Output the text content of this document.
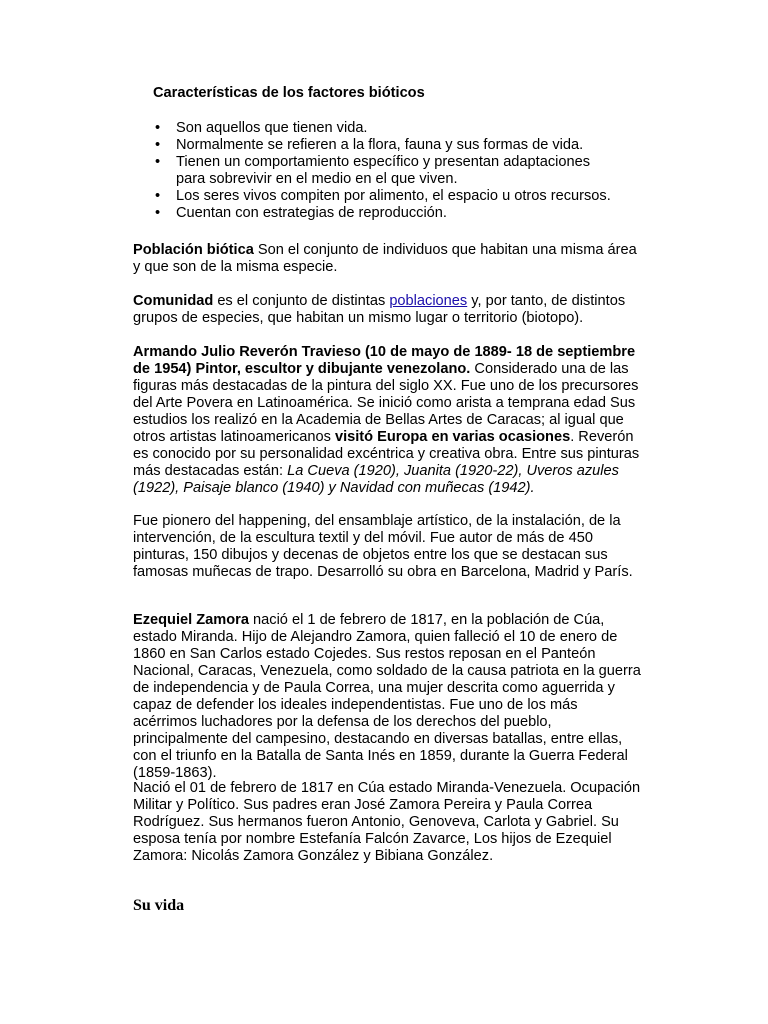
Características de los factores bióticos
• Son aquellos que tienen vida.
• Normalmente se refieren a la flora, fauna y sus formas de vida.
• Tienen un comportamiento específico y presentan adaptaciones para sobrevivir en el medio en el que viven.
• Los seres vivos compiten por alimento, el espacio u otros recursos.
• Cuentan con estrategias de reproducción.

Población biótica Son el conjunto de individuos que habitan una misma área y que son de la misma especie.

Comunidad es el conjunto de distintas poblaciones y, por tanto, de distintos grupos de especies, que habitan un mismo lugar o territorio (biotopo).

Armando Julio Reverón Travieso (10 de mayo de 1889- 18 de septiembre de 1954) Pintor, escultor y dibujante venezolano. Considerado una de las figuras más destacadas de la pintura del siglo XX. Fue uno de los precursores del Arte Povera en Latinoamérica. Se inició como arista a temprana edad Sus estudios los realizó en la Academia de Bellas Artes de Caracas; al igual que otros artistas latinoamericanos visitó Europa en varias ocasiones. Reverón es conocido por su personalidad excéntrica y creativa obra. Entre sus pinturas más destacadas están: La Cueva (1920), Juanita (1920-22), Uveros azules (1922), Paisaje blanco (1940) y Navidad con muñecas (1942).

Fue pionero del happening, del ensamblaje artístico, de la instalación, de la intervención, de la escultura textil y del móvil. Fue autor de más de 450 pinturas, 150 dibujos y decenas de objetos entre los que se destacan sus famosas muñecas de trapo. Desarrolló su obra en Barcelona, Madrid y París.

Ezequiel Zamora nació el 1 de febrero de 1817, en la población de Cúa, estado Miranda. Hijo de Alejandro Zamora, quien falleció el 10 de enero de 1860 en San Carlos estado Cojedes. Sus restos reposan en el Panteón Nacional, Caracas, Venezuela, como soldado de la causa patriota en la guerra de independencia y de Paula Correa, una mujer descrita como aguerrida y capaz de defender los ideales independentistas. Fue uno de los más acérrimos luchadores por la defensa de los derechos del pueblo, principalmente del campesino, destacando en diversas batallas, entre ellas, con el triunfo en la Batalla de Santa Inés en 1859, durante la Guerra Federal (1859-1863).

Nació el 01 de febrero de 1817 en Cúa estado Miranda-Venezuela. Ocupación Militar y Político. Sus padres eran José Zamora Pereira y Paula Correa Rodríguez. Sus hermanos fueron Antonio, Genoveva, Carlota y Gabriel. Su esposa tenía por nombre Estefanía Falcón Zavarce, Los hijos de Ezequiel Zamora: Nicolás Zamora González y Bibiana González.

Su vida
